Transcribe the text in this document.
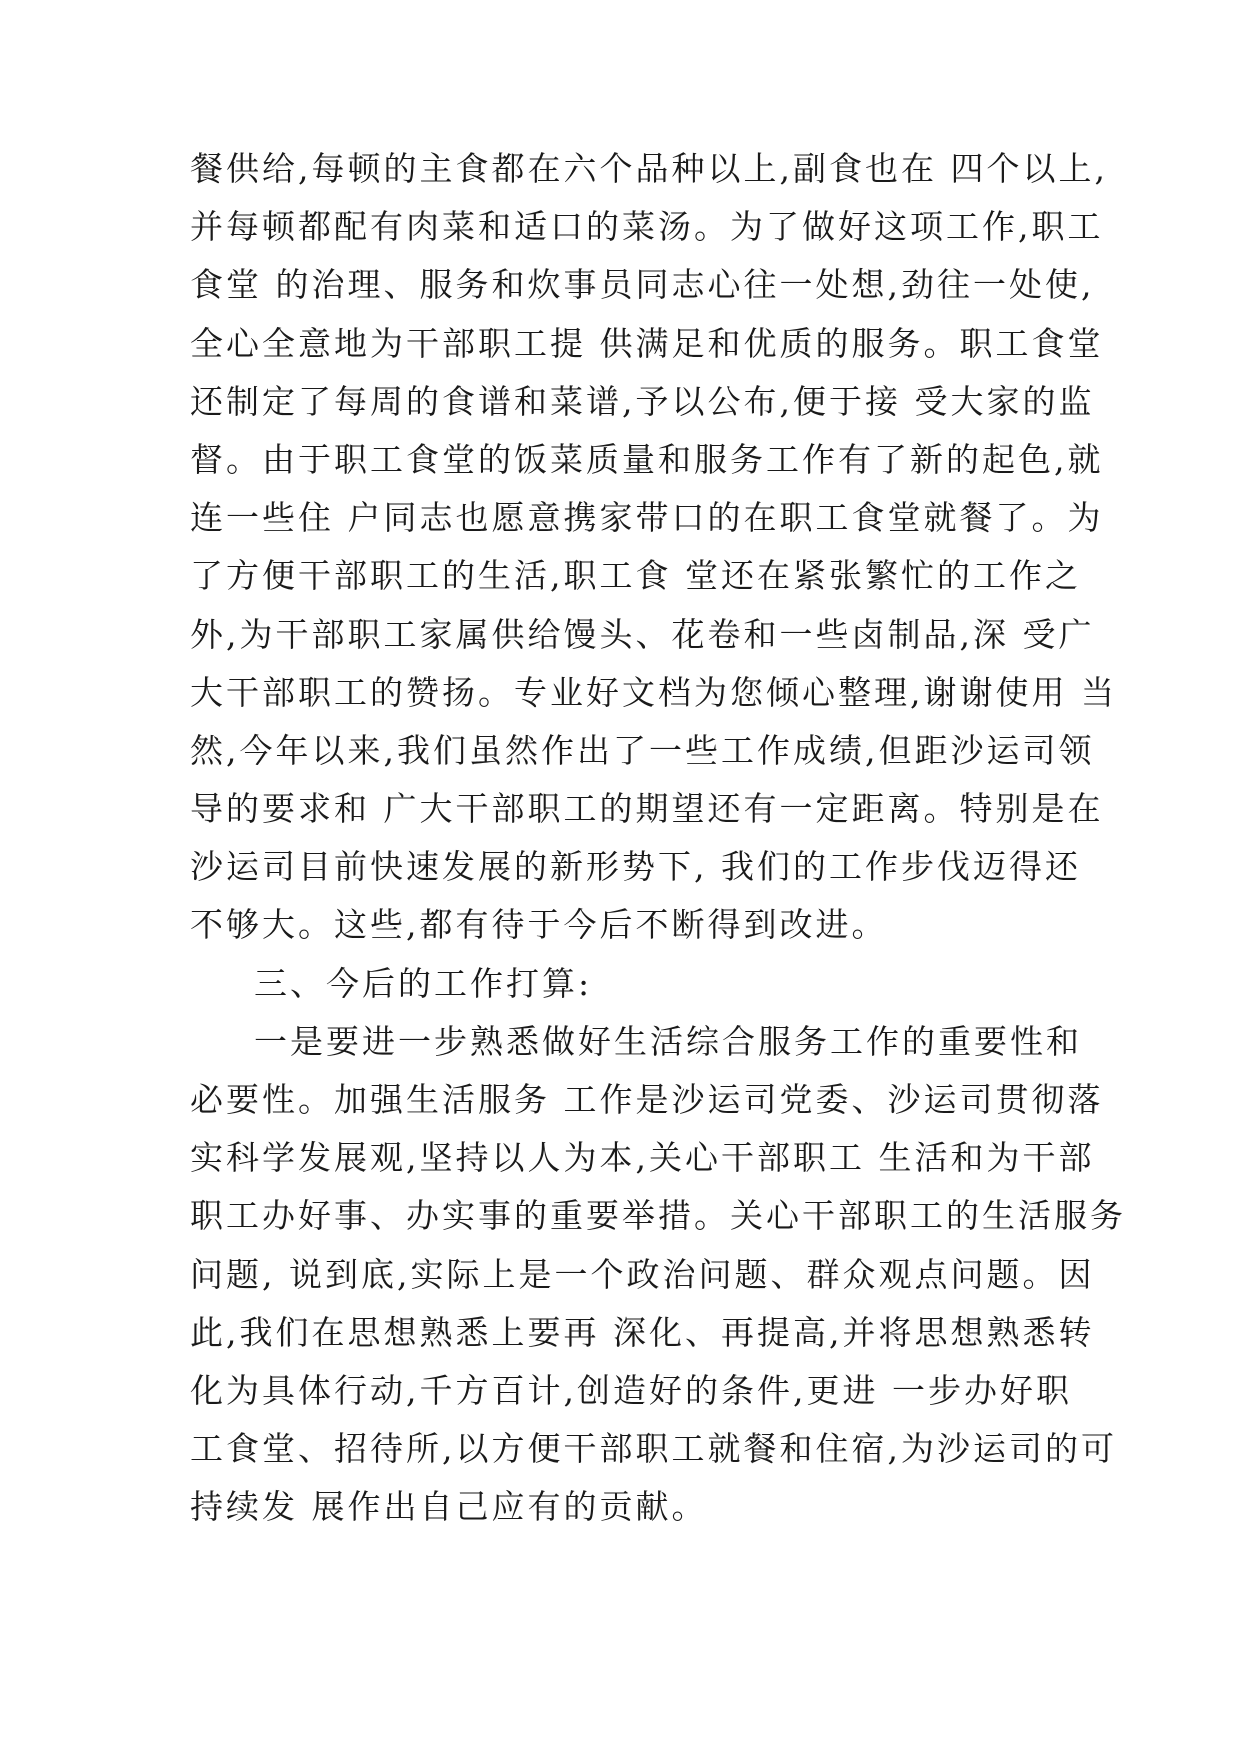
餐供给,每顿的主食都在六个品种以上,副食也在 四个以上,
并每顿都配有肉菜和适口的菜汤。为了做好这项工作,职工
食堂 的治理、服务和炊事员同志心往一处想,劲往一处使,
全心全意地为干部职工提 供满足和优质的服务。职工食堂
还制定了每周的食谱和菜谱,予以公布,便于接 受大家的监
督。由于职工食堂的饭菜质量和服务工作有了新的起色,就
连一些住 户同志也愿意携家带口的在职工食堂就餐了。为
了方便干部职工的生活,职工食 堂还在紧张繁忙的工作之
外,为干部职工家属供给馒头、花卷和一些卤制品,深 受广
大干部职工的赞扬。专业好文档为您倾心整理,谢谢使用 当
然,今年以来,我们虽然作出了一些工作成绩,但距沙运司领
导的要求和 广大干部职工的期望还有一定距离。特别是在
沙运司目前快速发展的新形势下, 我们的工作步伐迈得还
不够大。这些,都有待于今后不断得到改进。
三、今后的工作打算:
一是要进一步熟悉做好生活综合服务工作的重要性和
必要性。加强生活服务 工作是沙运司党委、沙运司贯彻落
实科学发展观,坚持以人为本,关心干部职工 生活和为干部
职工办好事、办实事的重要举措。关心干部职工的生活服务
问题, 说到底,实际上是一个政治问题、群众观点问题。因
此,我们在思想熟悉上要再 深化、再提高,并将思想熟悉转
化为具体行动,千方百计,创造好的条件,更进 一步办好职
工食堂、招待所,以方便干部职工就餐和住宿,为沙运司的可
持续发 展作出自己应有的贡献。
